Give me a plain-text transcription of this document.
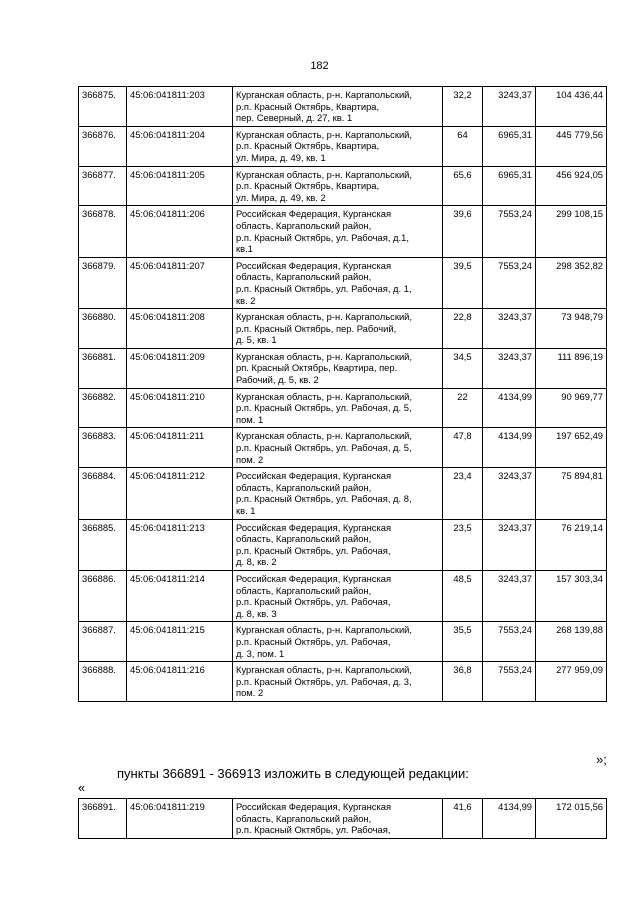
182
366875.	45:06:041811:203	Курганская область, р-н. Каргапольский,
р.п. Красный Октябрь, Квартира,
пер. Северный, д. 27, кв. 1	32,2	3243,37	104 436,44
366876.	45:06:041811:204	Курганская область, р-н. Каргапольский,
р.п. Красный Октябрь, Квартира,
ул. Мира, д. 49, кв. 1	64	6965,31	445 779,56
366877.	45:06:041811:205	Курганская область, р-н. Каргапольский,
р.п. Красный Октябрь, Квартира,
ул. Мира, д. 49, кв. 2	65,6	6965,31	456 924,05
366878.	45:06:041811:206	Российская Федерация, Курганская
область, Каргапольский район,
р.п. Красный Октябрь, ул. Рабочая, д.1,
кв.1	39,6	7553,24	299 108,15
366879.	45:06:041811:207	Российская Федерация, Курганская
область, Каргапольский район,
р.п. Красный Октябрь, ул. Рабочая, д. 1,
кв. 2	39,5	7553,24	298 352,82
366880.	45:06:041811:208	Курганская область, р-н. Каргапольский,
р.п. Красный Октябрь, пер. Рабочий,
д. 5, кв. 1	22,8	3243,37	73 948,79
366881.	45:06:041811:209	Курганская область, р-н. Каргапольский,
рп. Красный Октябрь, Квартира, пер.
Рабочий, д. 5, кв. 2	34,5	3243,37	111 896,19
366882.	45:06:041811:210	Курганская область, р-н. Каргапольский,
р.п. Красный Октябрь, ул. Рабочая, д. 5,
пом. 1	22	4134,99	90 969,77
366883.	45:06:041811:211	Курганская область, р-н. Каргапольский,
р.п. Красный Октябрь, ул. Рабочая, д. 5,
пом. 2	47,8	4134,99	197 652,49
366884.	45:06:041811:212	Российская Федерация, Курганская
область, Каргапольский район,
р.п. Красный Октябрь, ул. Рабочая, д. 8,
кв. 1	23,4	3243,37	75 894,81
366885.	45:06:041811:213	Российская Федерация, Курганская
область, Каргапольский район,
р.п. Красный Октябрь, ул. Рабочая,
д. 8, кв. 2	23,5	3243,37	76 219,14
366886.	45:06:041811:214	Российская Федерация, Курганская
область, Каргапольский район,
р.п. Красный Октябрь, ул. Рабочая,
д. 8, кв. 3	48,5	3243,37	157 303,34
366887.	45:06:041811:215	Курганская область, р-н. Каргапольский,
р.п. Красный Октябрь, ул. Рабочая,
д. 3, пом. 1	35,5	7553,24	268 139,88
366888.	45:06:041811:216	Курганская область, р-н. Каргапольский,
р.п. Красный Октябрь, ул. Рабочая, д. 3,
пом. 2	36,8	7553,24	277 959,09
»;
пункты 366891 - 366913 изложить в следующей редакции:
«
366891.	45:06:041811:219	Российская Федерация, Курганская
область, Каргапольский район,
р.п. Красный Октябрь, ул. Рабочая,	41,6	4134,99	172 015,56
